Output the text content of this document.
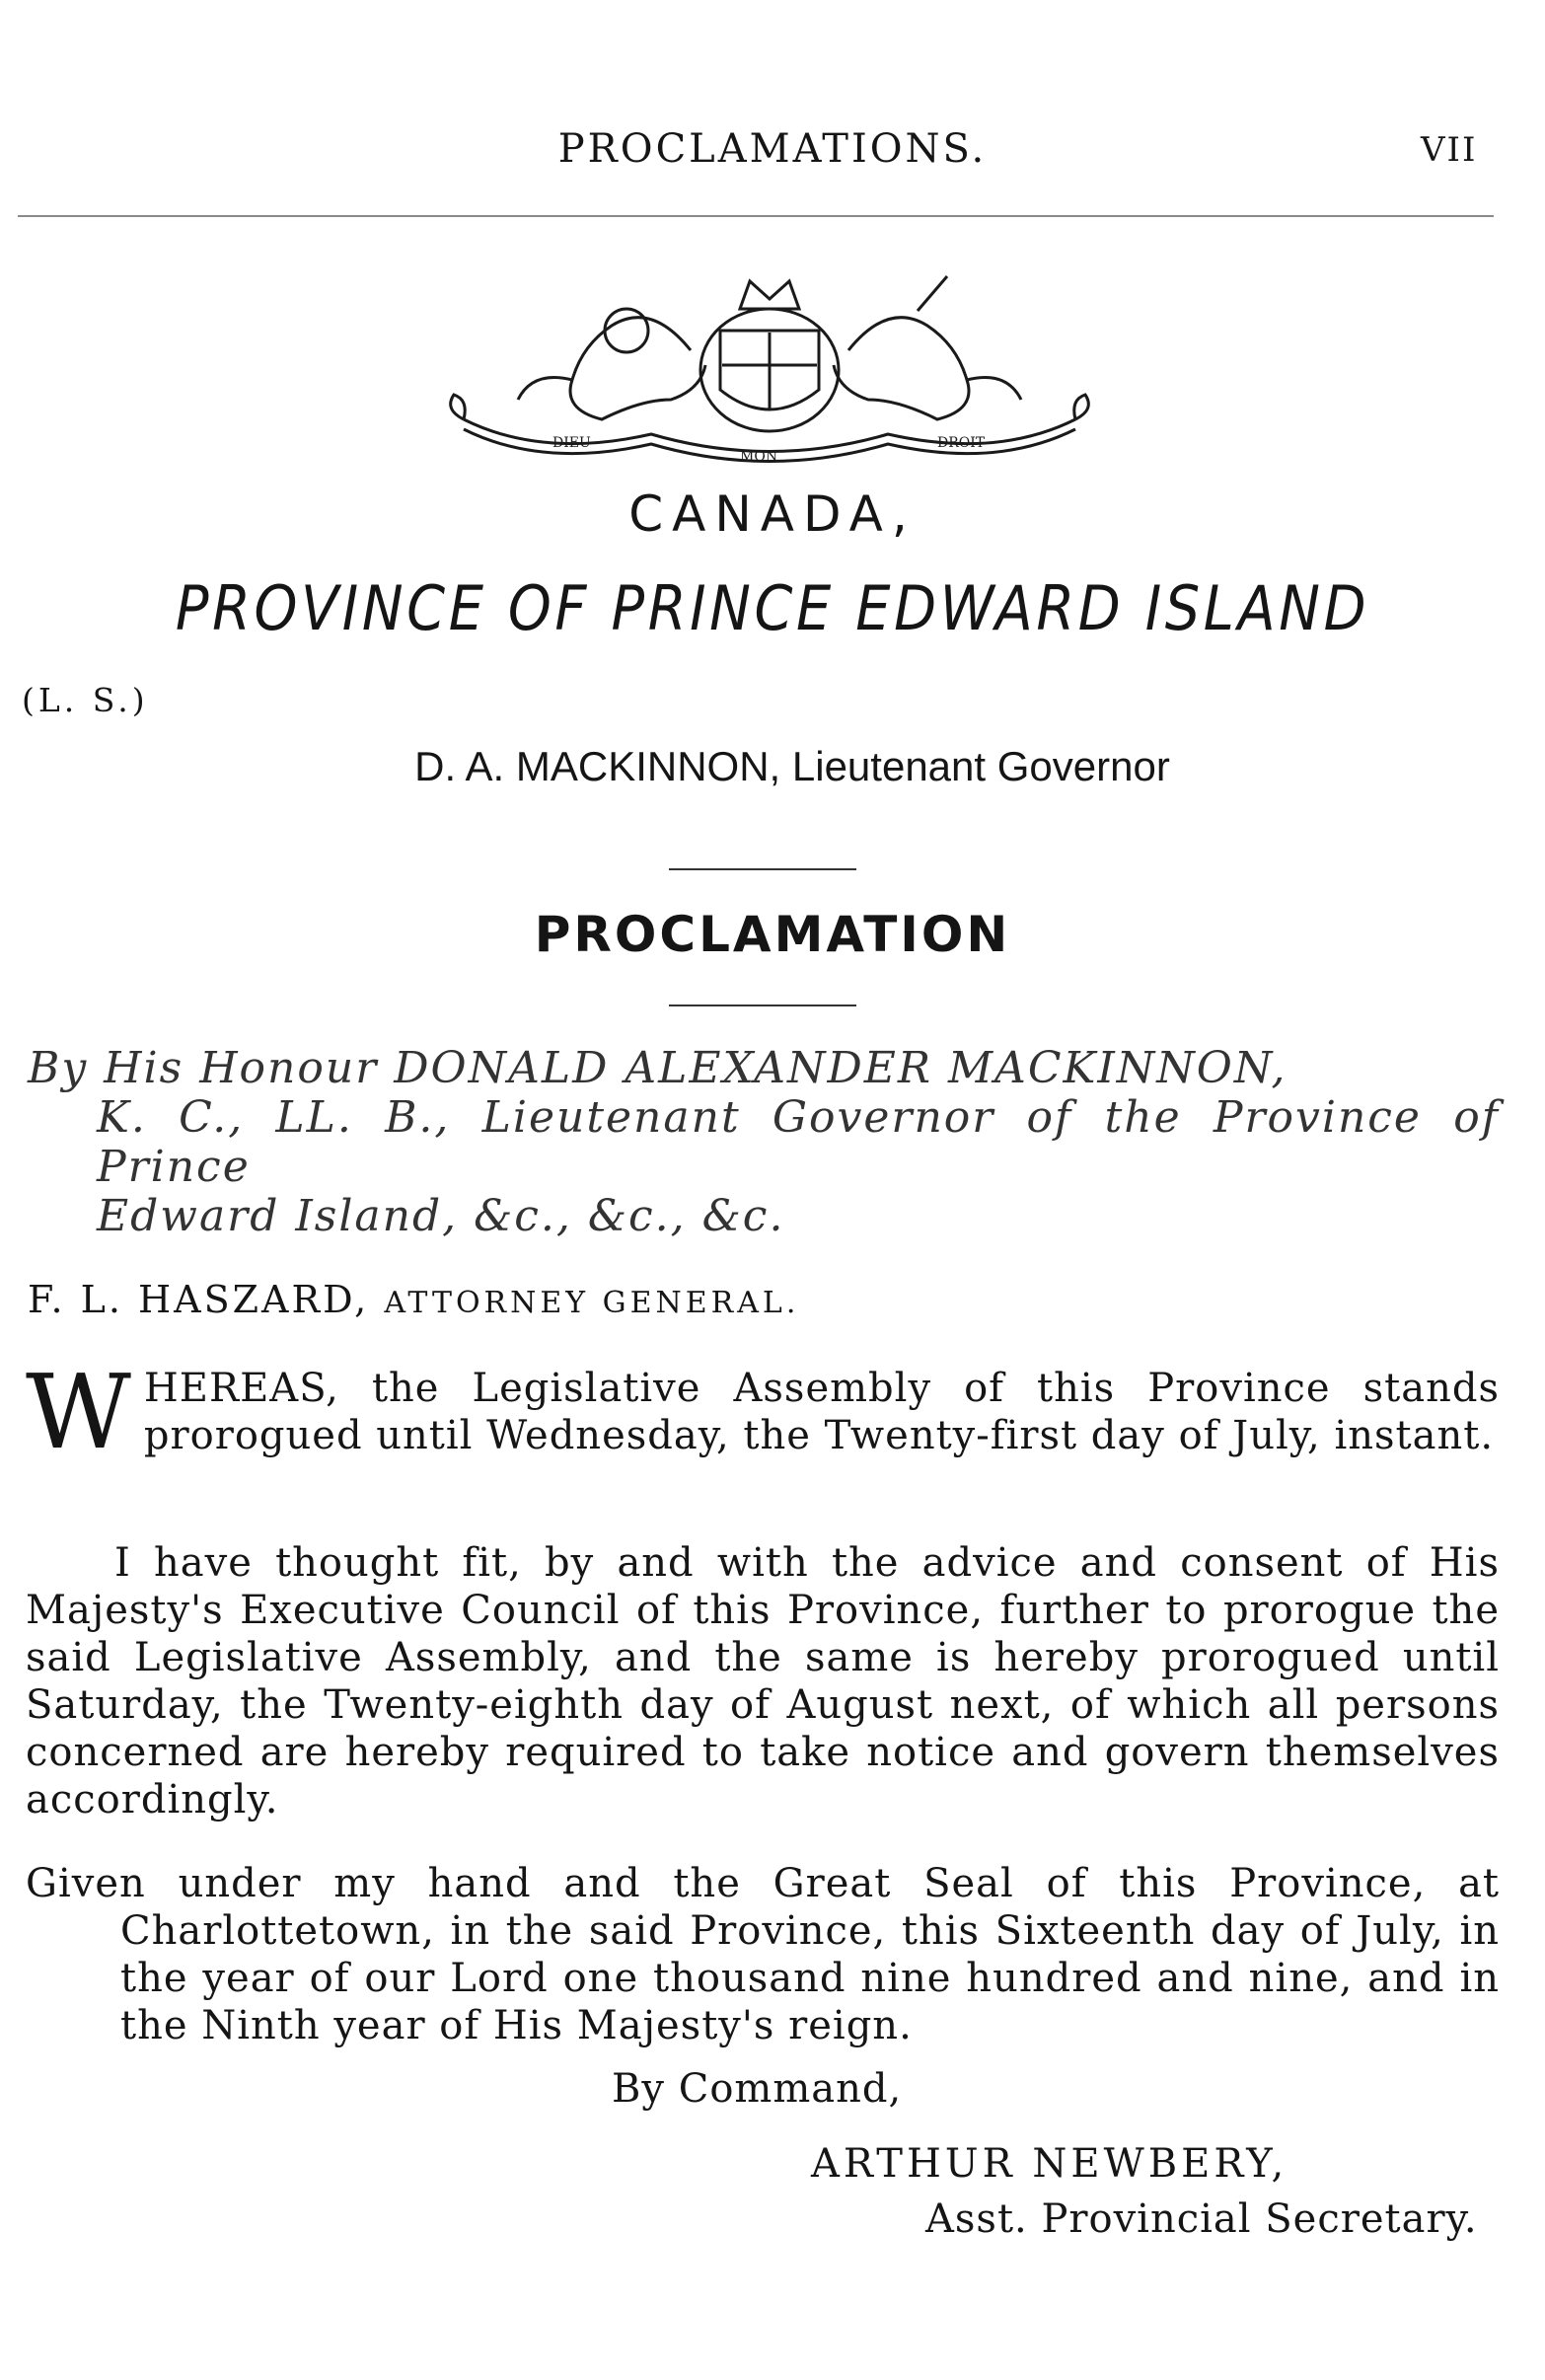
PROCLAMATIONS.	VII
DIEU
MON
DROIT
CANADA,
PROVINCE OF PRINCE EDWARD ISLAND
(L. S.)
D. A. MACKINNON, Lieutenant Governor
PROCLAMATION
By His Honour DONALD ALEXANDER MACKINNON,
K. C., LL. B., Lieutenant Governor of the Province of Prince
Edward Island, &c., &c., &c.
F. L. HASZARD, ATTORNEY GENERAL.
WHEREAS, the Legislative Assembly of this Province stands prorogued until Wednesday, the Twenty-first day of July, instant.
I have thought fit, by and with the advice and consent of His Majesty's Executive Council of this Province, further to prorogue the said Legislative Assembly, and the same is hereby prorogued until Saturday, the Twenty-eighth day of August next, of which all persons concerned are hereby required to take notice and govern themselves accordingly.
Given under my hand and the Great Seal of this Province, at Charlottetown, in the said Province, this Sixteenth day of July, in the year of our Lord one thousand nine hundred and nine, and in the Ninth year of His Majesty's reign.
By Command,
ARTHUR NEWBERY,
Asst. Provincial Secretary.
